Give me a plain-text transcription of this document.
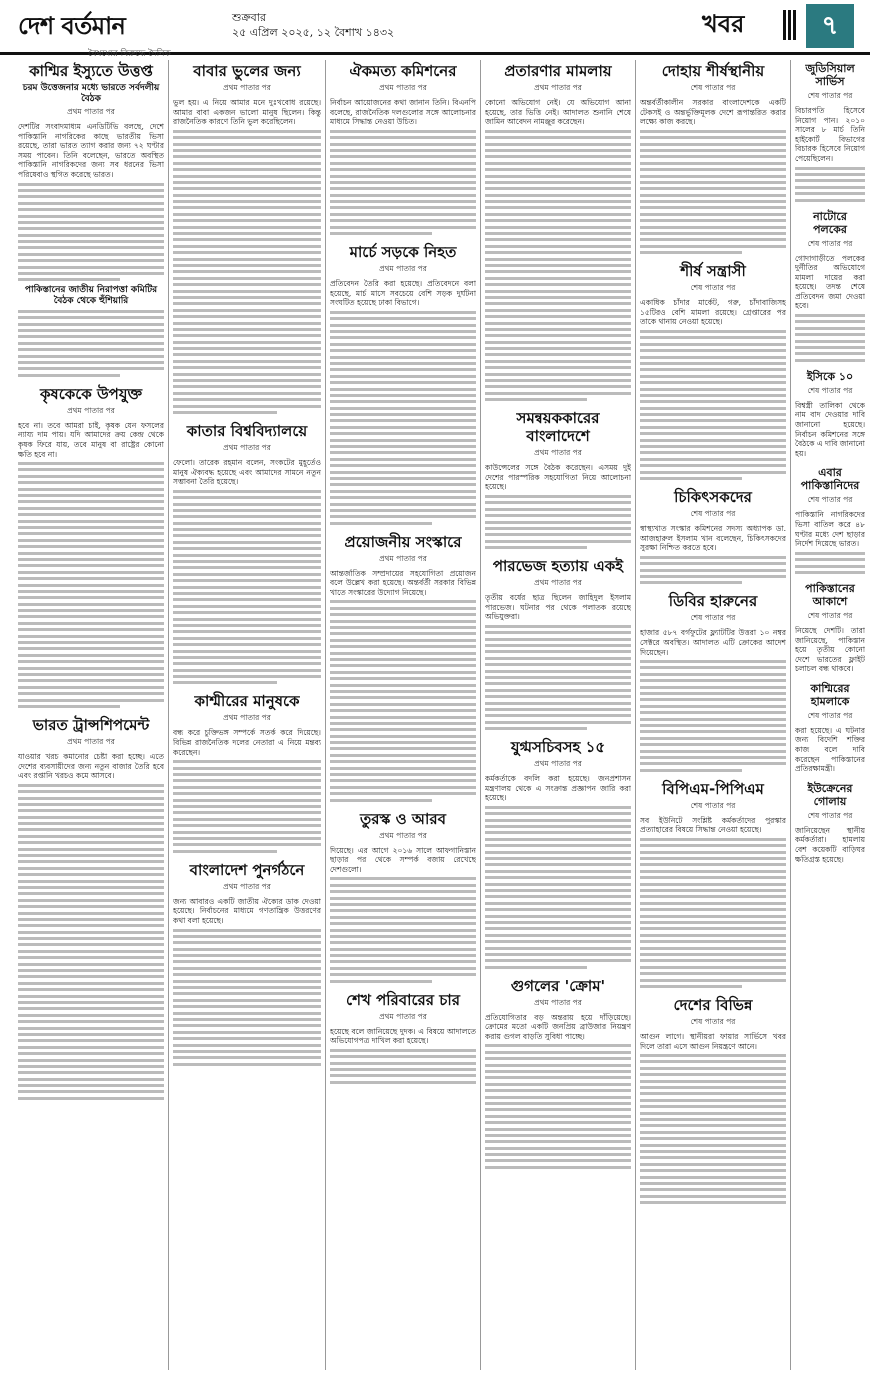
দেশ বর্তমান
বৈষম্যের বিরুদ্ধে দৈনিক
শুক্রবার
২৫ এপ্রিল ২০২৫, ১২ বৈশাখ ১৪৩২	খবর	৭
কাশ্মির ইস্যুতে উত্তপ্ত
চরম উত্তেজনার মধ্যে ভারতে সর্বদলীয় বৈঠক
প্রথম পাতার পর
দেশটির সংবাদমাধ্যম এনডিটিভি বলছে, দেশে পাকিস্তানি নাগরিকের কাছে ভারতীয় ভিসা রয়েছে, তারা ভারত ত্যাগ করার জন্য ৭২ ঘণ্টার সময় পাবেন। তিনি বলেছেন, ভারতে অবস্থিত পাকিস্তানি নাগরিকদের জন্য সব ধরনের ভিসা পরিষেবাও স্থগিত করেছে ভারত।
পাকিস্তানের জাতীয় নিরাপত্তা কমিটির বৈঠক থেকে হুঁশিয়ারি
কৃষকেকে উপযুক্ত
প্রথম পাতার পর
হবে না। তবে আমরা চাই, কৃষক যেন ফসলের ন্যায্য দাম পায়। যদি আমাদের ক্রয় কেন্দ্র থেকে কৃষক ফিরে যায়, তবে মানুষ বা রাষ্ট্রের কোনো ক্ষতি হবে না।
ভারত ট্রান্সশিপমেন্ট
প্রথম পাতার পর
যাওয়ার খরচ কমানোর চেষ্টা করা হচ্ছে। এতে দেশের ব্যবসায়ীদের জন্য নতুন বাজার তৈরি হবে এবং রপ্তানি খরচও কমে আসবে।
বাবার ভুলের জন্য
প্রথম পাতার পর
ভুল হয়। এ নিয়ে আমার মনে দুঃখবোধ রয়েছে। আমার বাবা একজন ভালো মানুষ ছিলেন। কিন্তু রাজনৈতিক কারণে তিনি ভুল করেছিলেন।
কাতার বিশ্ববিদ্যালয়ে
প্রথম পাতার পর
ফেলো। তারেক রহমান বলেন, সংকটের মুহূর্তেও মানুষ ঐক্যবদ্ধ হয়েছে এবং আমাদের সামনে নতুন সম্ভাবনা তৈরি হয়েছে।
কাশ্মীরের মানুষকে
প্রথম পাতার পর
বন্ধ করে চুক্তিভঙ্গ সম্পর্কে সতর্ক করে দিয়েছে। বিভিন্ন রাজনৈতিক দলের নেতারা এ নিয়ে মন্তব্য করেছেন।
বাংলাদেশ পুনর্গঠনে
প্রথম পাতার পর
জন্য আবারও একটি জাতীয় ঐক্যের ডাক দেওয়া হয়েছে। নির্বাচনের মাধ্যমে গণতান্ত্রিক উত্তরণের কথা বলা হয়েছে।
ঐকমত্য কমিশনের
প্রথম পাতার পর
নির্বাচন আয়োজনের কথা জানান তিনি। বিএনপি বলেছে, রাজনৈতিক দলগুলোর সঙ্গে আলোচনার মাধ্যমে সিদ্ধান্ত নেওয়া উচিত।
মার্চে সড়কে নিহত
প্রথম পাতার পর
প্রতিবেদন তৈরি করা হয়েছে। প্রতিবেদনে বলা হয়েছে, মার্চ মাসে সবচেয়ে বেশি সড়ক দুর্ঘটনা সংঘটিত হয়েছে ঢাকা বিভাগে।
প্রয়োজনীয় সংস্কারে
প্রথম পাতার পর
আন্তর্জাতিক সম্প্রদায়ের সহযোগিতা প্রয়োজন বলে উল্লেখ করা হয়েছে। অন্তর্বর্তী সরকার বিভিন্ন খাতে সংস্কারের উদ্যোগ নিয়েছে।
তুরস্ক ও আরব
প্রথম পাতার পর
দিয়েছে। এর আগে ২০১৬ সালে আফগানিস্তান ছাড়ার পর থেকে সম্পর্ক বজায় রেখেছে দেশগুলো।
শেখ পরিবারের চার
প্রথম পাতার পর
হয়েছে বলে জানিয়েছে দুদক। এ বিষয়ে আদালতে অভিযোগপত্র দাখিল করা হয়েছে।
প্রতারণার মামলায়
প্রথম পাতার পর
কোনো অভিযোগ নেই। যে অভিযোগ আনা হয়েছে, তার ভিত্তি নেই। আদালত শুনানি শেষে জামিন আবেদন নামঞ্জুর করেছেন।
সমন্বয়ককারের বাংলাদেশে
প্রথম পাতার পর
কাউন্সেলের সঙ্গে বৈঠক করেছেন। এসময় দুই দেশের পারস্পরিক সহযোগিতা নিয়ে আলোচনা হয়েছে।
পারভেজ হত্যায় একই
প্রথম পাতার পর
তৃতীয় বর্ষের ছাত্র ছিলেন জাহিদুল ইসলাম পারভেজ। ঘটনার পর থেকে পলাতক রয়েছে অভিযুক্তরা।
যুগ্মসচিবসহ ১৫
প্রথম পাতার পর
কর্মকর্তাকে বদলি করা হয়েছে। জনপ্রশাসন মন্ত্রণালয় থেকে এ সংক্রান্ত প্রজ্ঞাপন জারি করা হয়েছে।
গুগলের 'ক্রোম'
প্রথম পাতার পর
প্রতিযোগিতার বড় অন্তরায় হয়ে দাঁড়িয়েছে। ক্রোমের মতো একটি জনপ্রিয় ব্রাউজার নিয়ন্ত্রণ করায় গুগল বাড়তি সুবিধা পাচ্ছে।
দোহায় শীর্ষস্থানীয়
শেষ পাতার পর
অন্তর্বর্তীকালীন সরকার বাংলাদেশকে একটি টেকসই ও অন্তর্ভুক্তিমূলক দেশে রূপান্তরিত করার লক্ষ্যে কাজ করছে।
শীর্ষ সন্ত্রাসী
শেষ পাতার পর
একাধিক চাঁদার মার্কেট, গরু, চাঁদাবাজিসহ ১৫টিরও বেশি মামলা রয়েছে। গ্রেপ্তারের পর তাকে থানায় নেওয়া হয়েছে।
চিকিৎসকদের
শেষ পাতার পর
স্বাস্থ্যখাত সংস্কার কমিশনের সদস্য অধ্যাপক ডা. আজহারুল ইসলাম খান বলেছেন, চিকিৎসকদের সুরক্ষা নিশ্চিত করতে হবে।
ডিবির হারুনের
শেষ পাতার পর
হাজার ৫৮৭ বর্গফুটের ফ্ল্যাটটির উত্তরা ১০ নম্বর সেক্টরে অবস্থিত। আদালত এটি ক্রোকের আদেশ দিয়েছেন।
বিপিএম-পিপিএম
শেষ পাতার পর
সব ইউনিটে সংশ্লিষ্ট কর্মকর্তাদের পুরস্কার প্রত্যাহারের বিষয়ে সিদ্ধান্ত নেওয়া হয়েছে।
দেশের বিভিন্ন
শেষ পাতার পর
আগুন লাগে। স্থানীয়রা ফায়ার সার্ভিসে খবর দিলে তারা এসে আগুন নিয়ন্ত্রণে আনে।
জুডিসিয়াল সার্ভিস
শেষ পাতার পর
বিচারপতি হিসেবে নিয়োগ পান। ২০১০ সালের ৮ মার্চ তিনি হাইকোর্ট বিভাগের বিচারক হিসেবে নিয়োগ পেয়েছিলেন।
নাটোরে পলকের
শেষ পাতার পর
গোদাগাড়ীতে পলকের দুর্নীতির অভিযোগে মামলা দায়ের করা হয়েছে। তদন্ত শেষে প্রতিবেদন জমা দেওয়া হবে।
ইসিকে ১০
শেষ পাতার পর
বিশ্বস্ত্রী তালিকা থেকে নাম বাদ দেওয়ার দাবি জানানো হয়েছে। নির্বাচন কমিশনের সঙ্গে বৈঠকে এ দাবি জানানো হয়।
এবার পাকিস্তানিদের
শেষ পাতার পর
পাকিস্তানি নাগরিকদের ভিসা বাতিল করে ৪৮ ঘণ্টার মধ্যে দেশ ছাড়ার নির্দেশ দিয়েছে ভারত।
পাকিস্তানের আকাশে
শেষ পাতার পর
নিয়েছে দেশটি। তারা জানিয়েছে, পাকিস্তান হয়ে তৃতীয় কোনো দেশে ভারতের ফ্লাইট চলাচল বন্ধ থাকবে।
কাশ্মিরের হামলাকে
শেষ পাতার পর
করা হয়েছে। এ ঘটনার জন্য বিদেশি শক্তির কাজ বলে দাবি করেছেন পাকিস্তানের প্রতিরক্ষামন্ত্রী।
ইউক্রেনের গোলায়
শেষ পাতার পর
জানিয়েছেন স্থানীয় কর্মকর্তারা। হামলায় বেশ কয়েকটি বাড়িঘর ক্ষতিগ্রস্ত হয়েছে।
